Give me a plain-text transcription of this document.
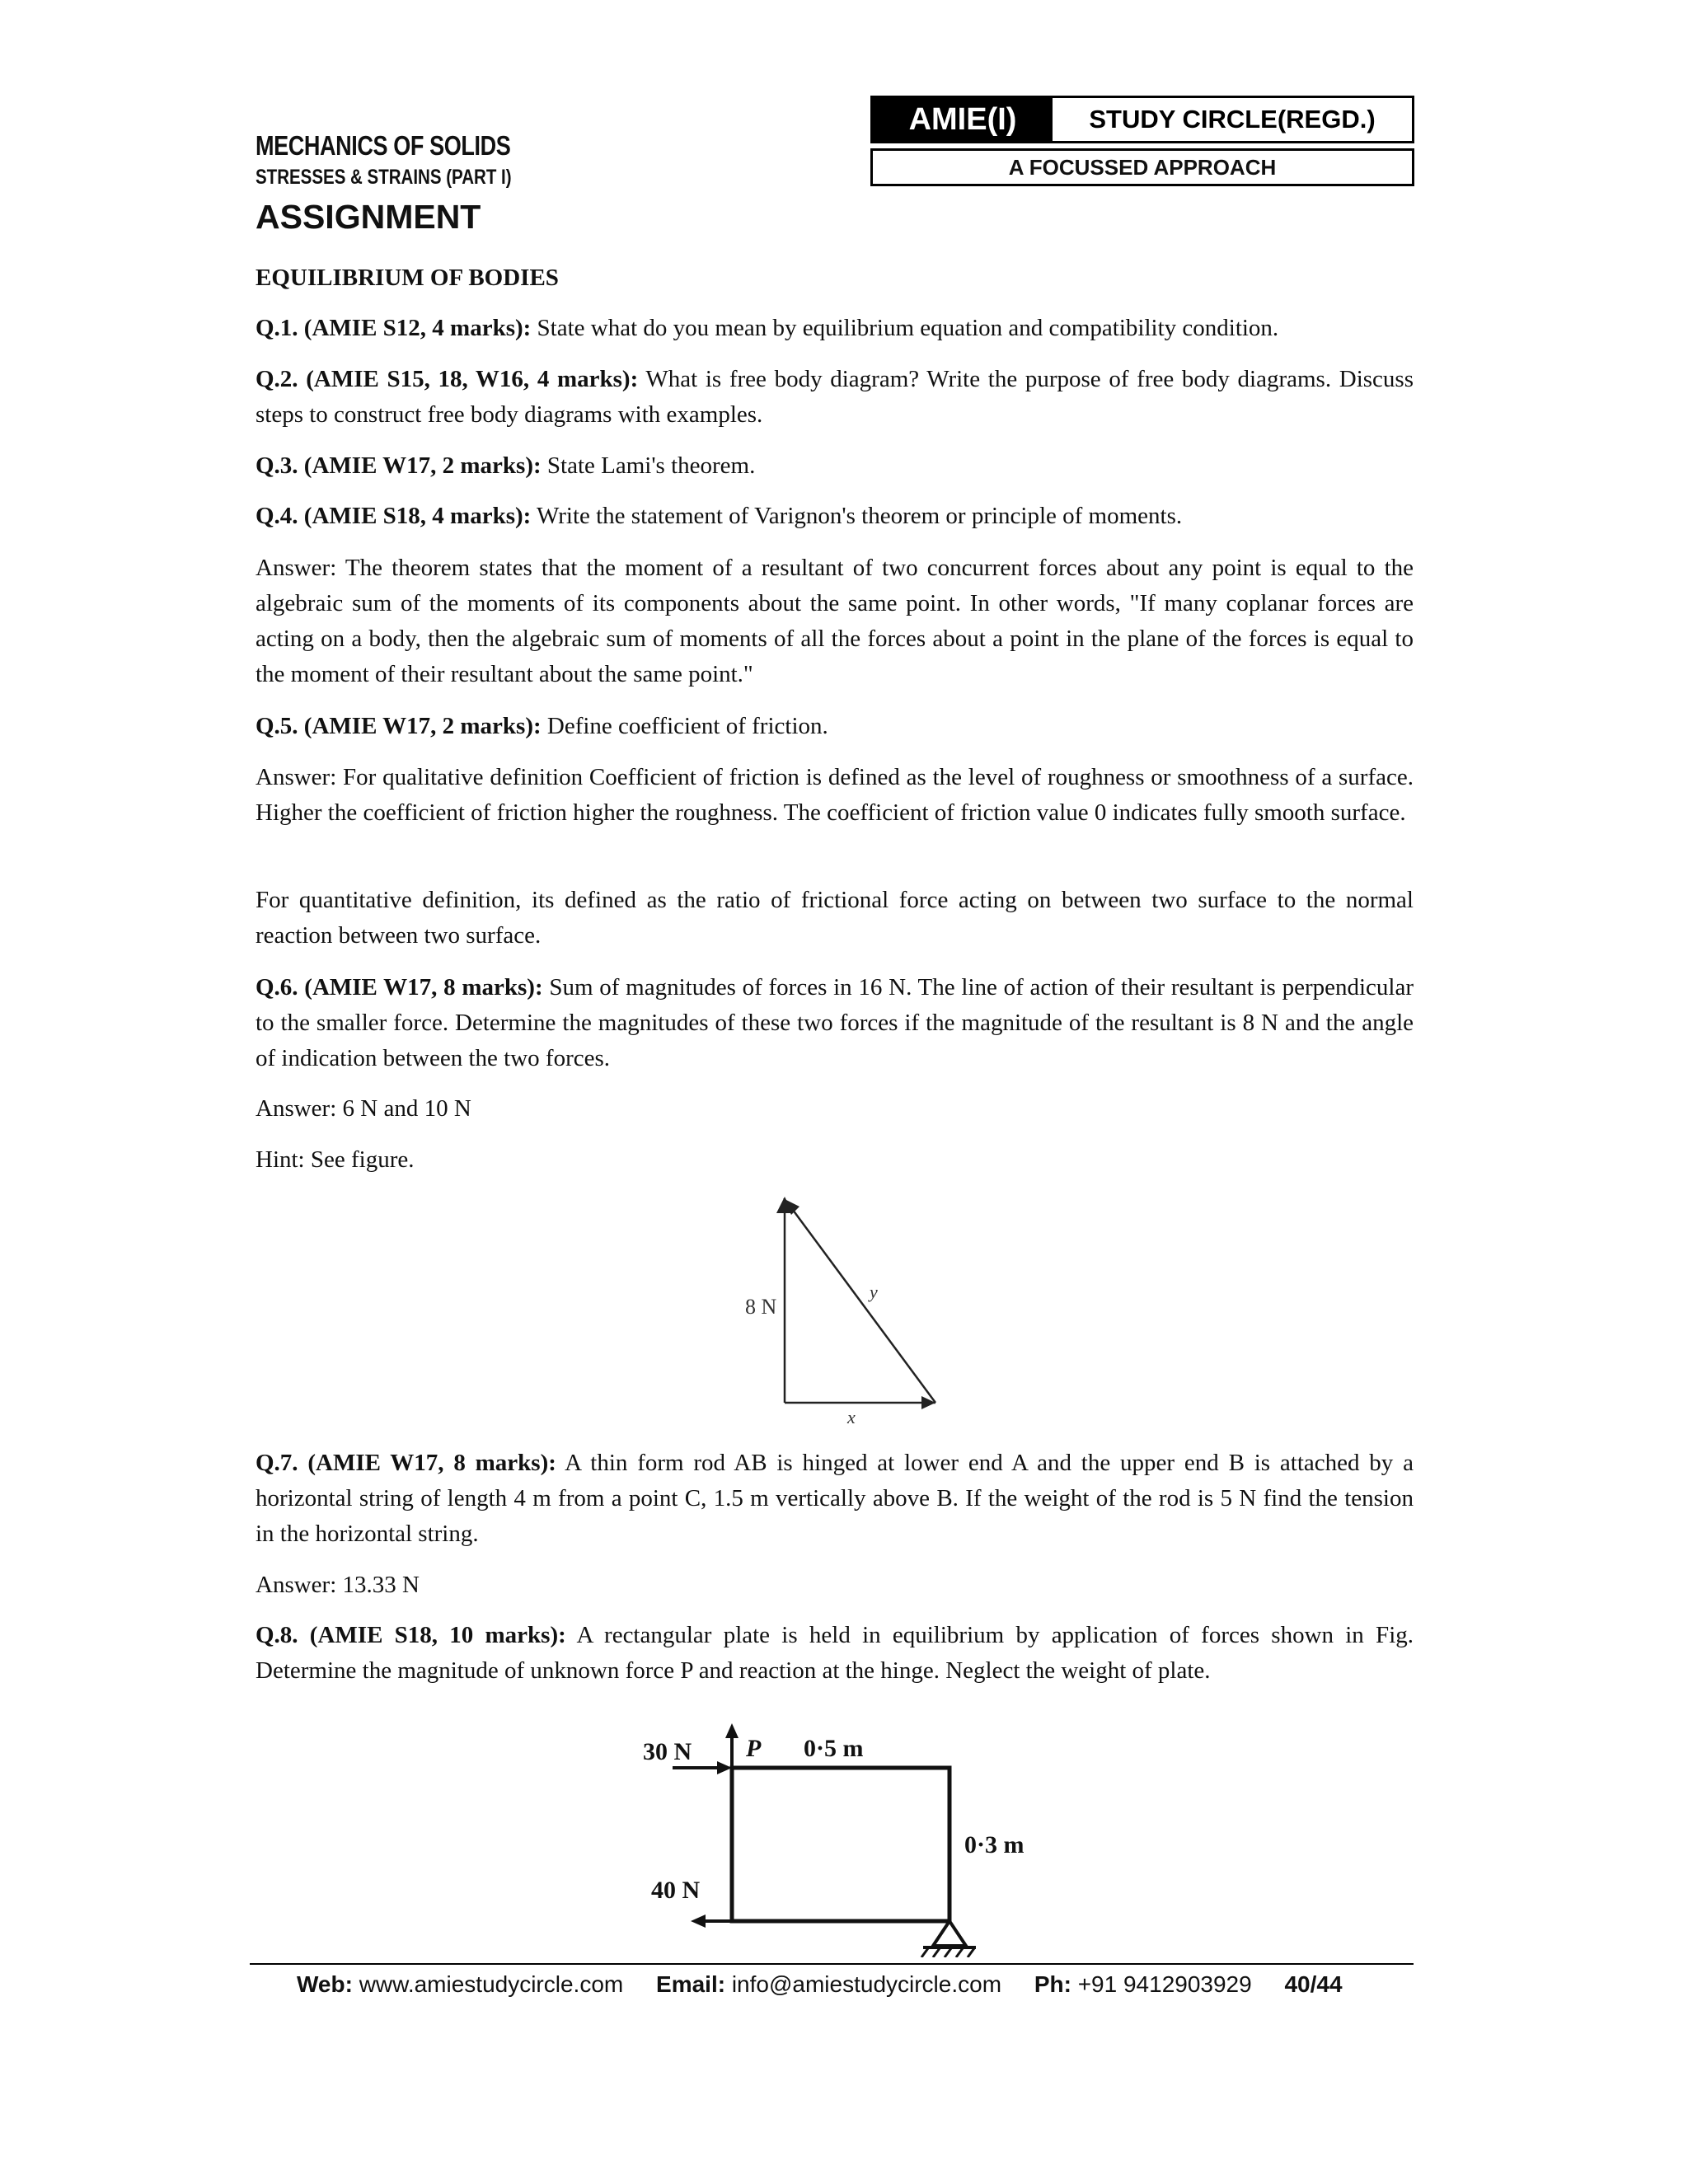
MECHANICS OF SOLIDS
STRESSES & STRAINS (PART I)
AMIE(I)	STUDY CIRCLE(REGD.)
A FOCUSSED APPROACH
ASSIGNMENT

EQUILIBRIUM OF BODIES

Q.1. (AMIE S12, 4 marks): State what do you mean by equilibrium equation and compatibility condition.

Q.2. (AMIE S15, 18, W16, 4 marks): What is free body diagram? Write the purpose of free body diagrams. Discuss steps to construct free body diagrams with examples.

Q.3. (AMIE W17, 2 marks): State Lami's theorem.

Q.4. (AMIE S18, 4 marks): Write the statement of Varignon's theorem or principle of moments.

Answer: The theorem states that the moment of a resultant of two concurrent forces about any point is equal to the algebraic sum of the moments of its components about the same point. In other words, "If many coplanar forces are acting on a body, then the algebraic sum of moments of all the forces about a point in the plane of the forces is equal to the moment of their resultant about the same point."

Q.5. (AMIE W17, 2 marks): Define coefficient of friction.

Answer: For qualitative definition Coefficient of friction is defined as the level of roughness or smoothness of a surface. Higher the coefficient of friction higher the roughness. The coefficient of friction value 0 indicates fully smooth surface.

For quantitative definition, its defined as the ratio of frictional force acting on between two surface to the normal reaction between two surface.

Q.6. (AMIE W17, 8 marks): Sum of magnitudes of forces in 16 N. The line of action of their resultant is perpendicular to the smaller force. Determine the magnitudes of these two forces if the magnitude of the resultant is 8 N and the angle of indication between the two forces.

Answer: 6 N and 10 N

Hint: See figure.

8 N
y
x

Q.7. (AMIE W17, 8 marks): A thin form rod AB is hinged at lower end A and the upper end B is attached by a horizontal string of length 4 m from a point C, 1.5 m vertically above B. If the weight of the rod is 5 N find the tension in the horizontal string.

Answer: 13.33 N

Q.8. (AMIE S18, 10 marks): A rectangular plate is held in equilibrium by application of forces shown in Fig. Determine the magnitude of unknown force P and reaction at the hinge. Neglect the weight of plate.

30 N P 0·5 m
0·3 m
40 N
Web: www.amiestudycircle.com Email: info@amiestudycircle.com Ph: +91 9412903929 40/44
